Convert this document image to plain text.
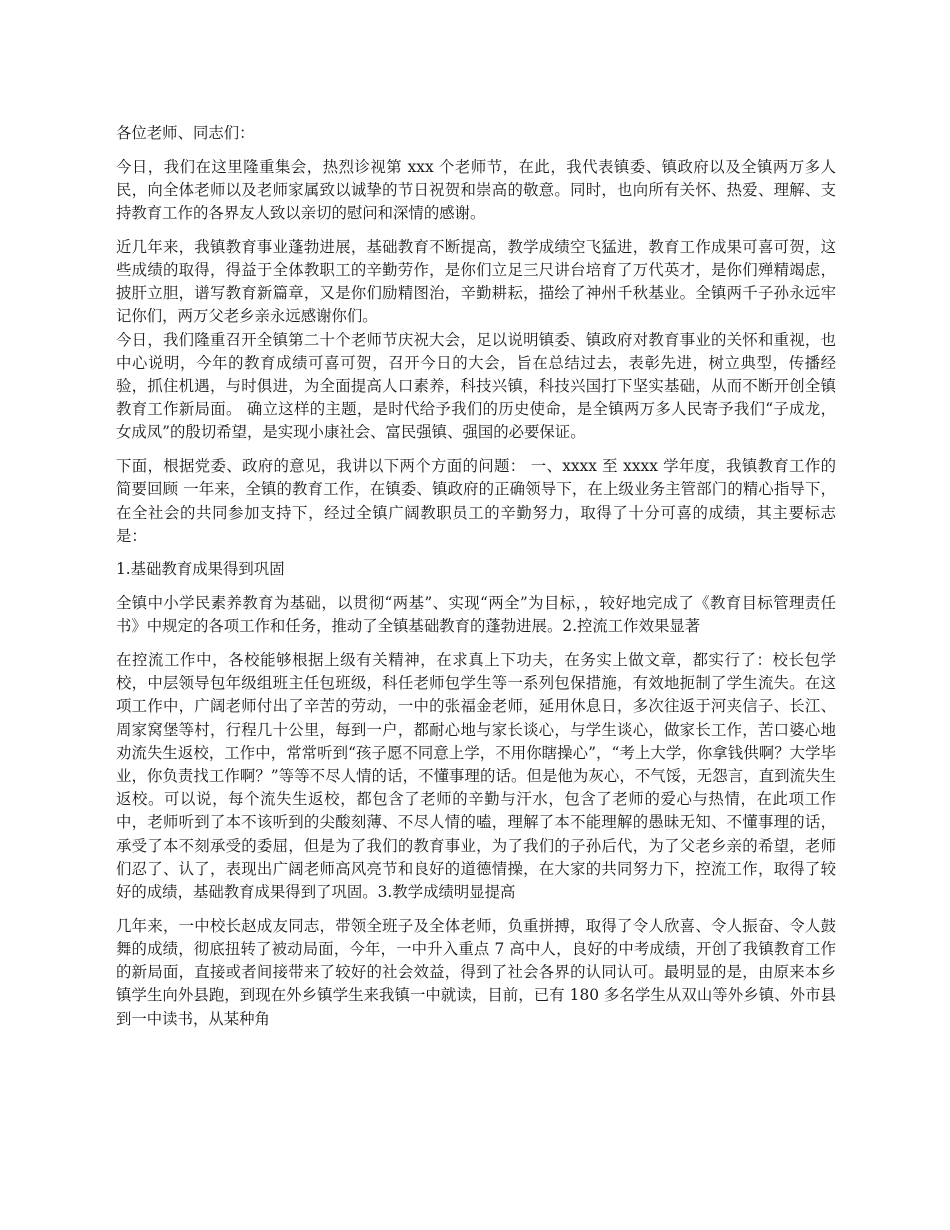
各位老师、同志们：

今日，我们在这里隆重集会，热烈诊视第 xxx 个老师节，在此，我代表镇委、镇政府以及全镇两万多人民，向全体老师以及老师家属致以诚挚的节日祝贺和崇高的敬意。同时，也向所有关怀、热爱、理解、支持教育工作的各界友人致以亲切的慰问和深情的感谢。

近几年来，我镇教育事业蓬勃进展，基础教育不断提高，教学成绩空飞猛进，教育工作成果可喜可贺，这些成绩的取得，得益于全体教职工的辛勤劳作，是你们立足三尺讲台培育了万代英才，是你们殚精竭虑，披肝立胆，谱写教育新篇章，又是你们励精图治，辛勤耕耘，描绘了神州千秋基业。全镇两千子孙永远牢记你们，两万父老乡亲永远感谢你们。

今日，我们隆重召开全镇第二十个老师节庆祝大会，足以说明镇委、镇政府对教育事业的关怀和重视，也中心说明，今年的教育成绩可喜可贺，召开今日的大会，旨在总结过去，表彰先进，树立典型，传播经验，抓住机遇，与时俱进，为全面提高人口素养，科技兴镇，科技兴国打下坚实基础，从而不断开创全镇教育工作新局面。 确立这样的主题，是时代给予我们的历史使命，是全镇两万多人民寄予我们“子成龙，女成凤”的殷切希望，是实现小康社会、富民强镇、强国的必要保证。

下面，根据党委、政府的意见，我讲以下两个方面的问题： 一、xxxx 至 xxxx 学年度，我镇教育工作的简要回顾 一年来，全镇的教育工作，在镇委、镇政府的正确领导下，在上级业务主管部门的精心指导下，在全社会的共同参加支持下，经过全镇广阔教职员工的辛勤努力，取得了十分可喜的成绩，其主要标志是：

1.基础教育成果得到巩固

全镇中小学民素养教育为基础，以贯彻“两基”、实现“两全”为目标，，较好地完成了《教育目标管理责任书》中规定的各项工作和任务，推动了全镇基础教育的蓬勃进展。2.控流工作效果显著

在控流工作中，各校能够根据上级有关精神，在求真上下功夫，在务实上做文章，都实行了：校长包学校，中层领导包年级组班主任包班级，科任老师包学生等一系列包保措施，有效地扼制了学生流失。在这项工作中，广阔老师付出了辛苦的劳动，一中的张福金老师，延用休息日，多次往返于河夹信子、长江、周家窝堡等村，行程几十公里，每到一户，都耐心地与家长谈心，与学生谈心，做家长工作，苦口婆心地劝流失生返校，工作中，常常听到“孩子愿不同意上学，不用你瞎操心”，“考上大学，你拿钱供啊？大学毕业，你负责找工作啊？”等等不尽人情的话，不懂事理的话。但是他为灰心，不气馁，无怨言，直到流失生返校。可以说，每个流失生返校，都包含了老师的辛勤与汗水，包含了老师的爱心与热情，在此项工作中，老师听到了本不该听到的尖酸刻薄、不尽人情的嗑，理解了本不能理解的愚昧无知、不懂事理的话，承受了本不刻承受的委屈，但是为了我们的教育事业，为了我们的子孙后代，为了父老乡亲的希望，老师们忍了、认了，表现出广阔老师高风亮节和良好的道德情操，在大家的共同努力下，控流工作，取得了较好的成绩，基础教育成果得到了巩固。3.教学成绩明显提高

几年来，一中校长赵成友同志，带领全班子及全体老师，负重拼搏，取得了令人欣喜、令人振奋、令人鼓舞的成绩，彻底扭转了被动局面，今年，一中升入重点 7 高中人，良好的中考成绩，开创了我镇教育工作的新局面，直接或者间接带来了较好的社会效益，得到了社会各界的认同认可。最明显的是，由原来本乡镇学生向外县跑，到现在外乡镇学生来我镇一中就读，目前，已有 180 多名学生从双山等外乡镇、外市县到一中读书，从某种角
